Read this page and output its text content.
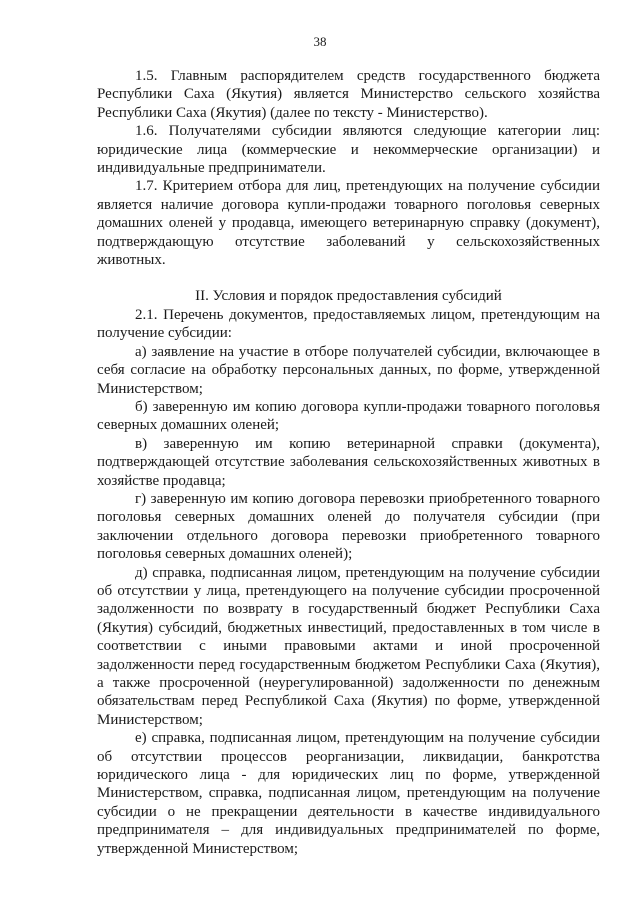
38

1.5. Главным распорядителем средств государственного бюджета Республики Саха (Якутия) является Министерство сельского хозяйства Республики Саха (Якутия) (далее по тексту - Министерство).

1.6. Получателями субсидии являются следующие категории лиц: юридические лица (коммерческие и некоммерческие организации) и индивидуальные предприниматели.

1.7. Критерием отбора для лиц, претендующих на получение субсидии является наличие договора купли-продажи товарного поголовья северных домашних оленей у продавца, имеющего ветеринарную справку (документ), подтверждающую отсутствие заболеваний у сельскохозяйственных животных.

II. Условия и порядок предоставления субсидий

2.1. Перечень документов, предоставляемых лицом, претендующим на получение субсидии:

а) заявление на участие в отборе получателей субсидии, включающее в себя согласие на обработку персональных данных, по форме, утвержденной Министерством;

б) заверенную им копию договора купли-продажи товарного поголовья северных домашних оленей;

в) заверенную им копию ветеринарной справки (документа), подтверждающей отсутствие заболевания сельскохозяйственных животных в хозяйстве продавца;

г) заверенную им копию договора перевозки приобретенного товарного поголовья северных домашних оленей до получателя субсидии (при заключении отдельного договора перевозки приобретенного товарного поголовья северных домашних оленей);

д) справка, подписанная лицом, претендующим на получение субсидии об отсутствии у лица, претендующего на получение субсидии просроченной задолженности по возврату в государственный бюджет Республики Саха (Якутия) субсидий, бюджетных инвестиций, предоставленных в том числе в соответствии с иными правовыми актами и иной просроченной задолженности перед государственным бюджетом Республики Саха (Якутия), а также просроченной (неурегулированной) задолженности по денежным обязательствам перед Республикой Саха (Якутия) по форме, утвержденной Министерством;

е) справка, подписанная лицом, претендующим на получение субсидии об отсутствии процессов реорганизации, ликвидации, банкротства юридического лица - для юридических лиц по форме, утвержденной Министерством, справка, подписанная лицом, претендующим на получение субсидии о не прекращении деятельности в качестве индивидуального предпринимателя – для индивидуальных предпринимателей по форме, утвержденной Министерством;
